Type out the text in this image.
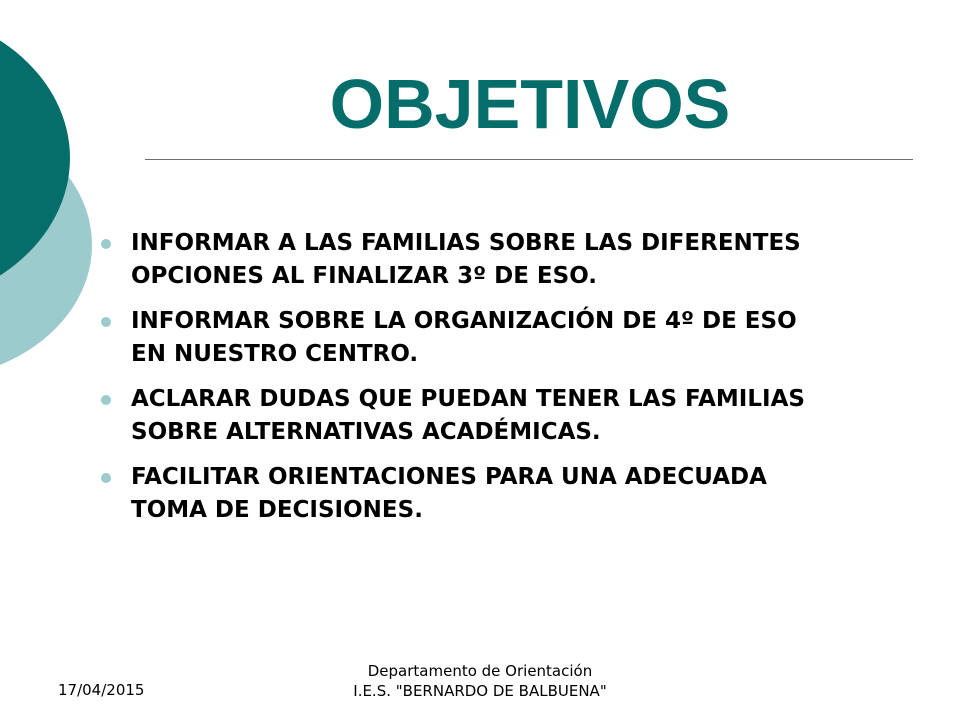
OBJETIVOS
INFORMAR A LAS FAMILIAS SOBRE LAS DIFERENTES
OPCIONES AL FINALIZAR 3º DE ESO.
INFORMAR SOBRE LA ORGANIZACIÓN DE 4º DE ESO
EN NUESTRO CENTRO.
ACLARAR DUDAS QUE PUEDAN TENER LAS FAMILIAS
SOBRE ALTERNATIVAS ACADÉMICAS.
FACILITAR ORIENTACIONES PARA UNA ADECUADA
TOMA DE DECISIONES.
17/04/2015
Departamento de Orientación
I.E.S. "BERNARDO DE BALBUENA"
